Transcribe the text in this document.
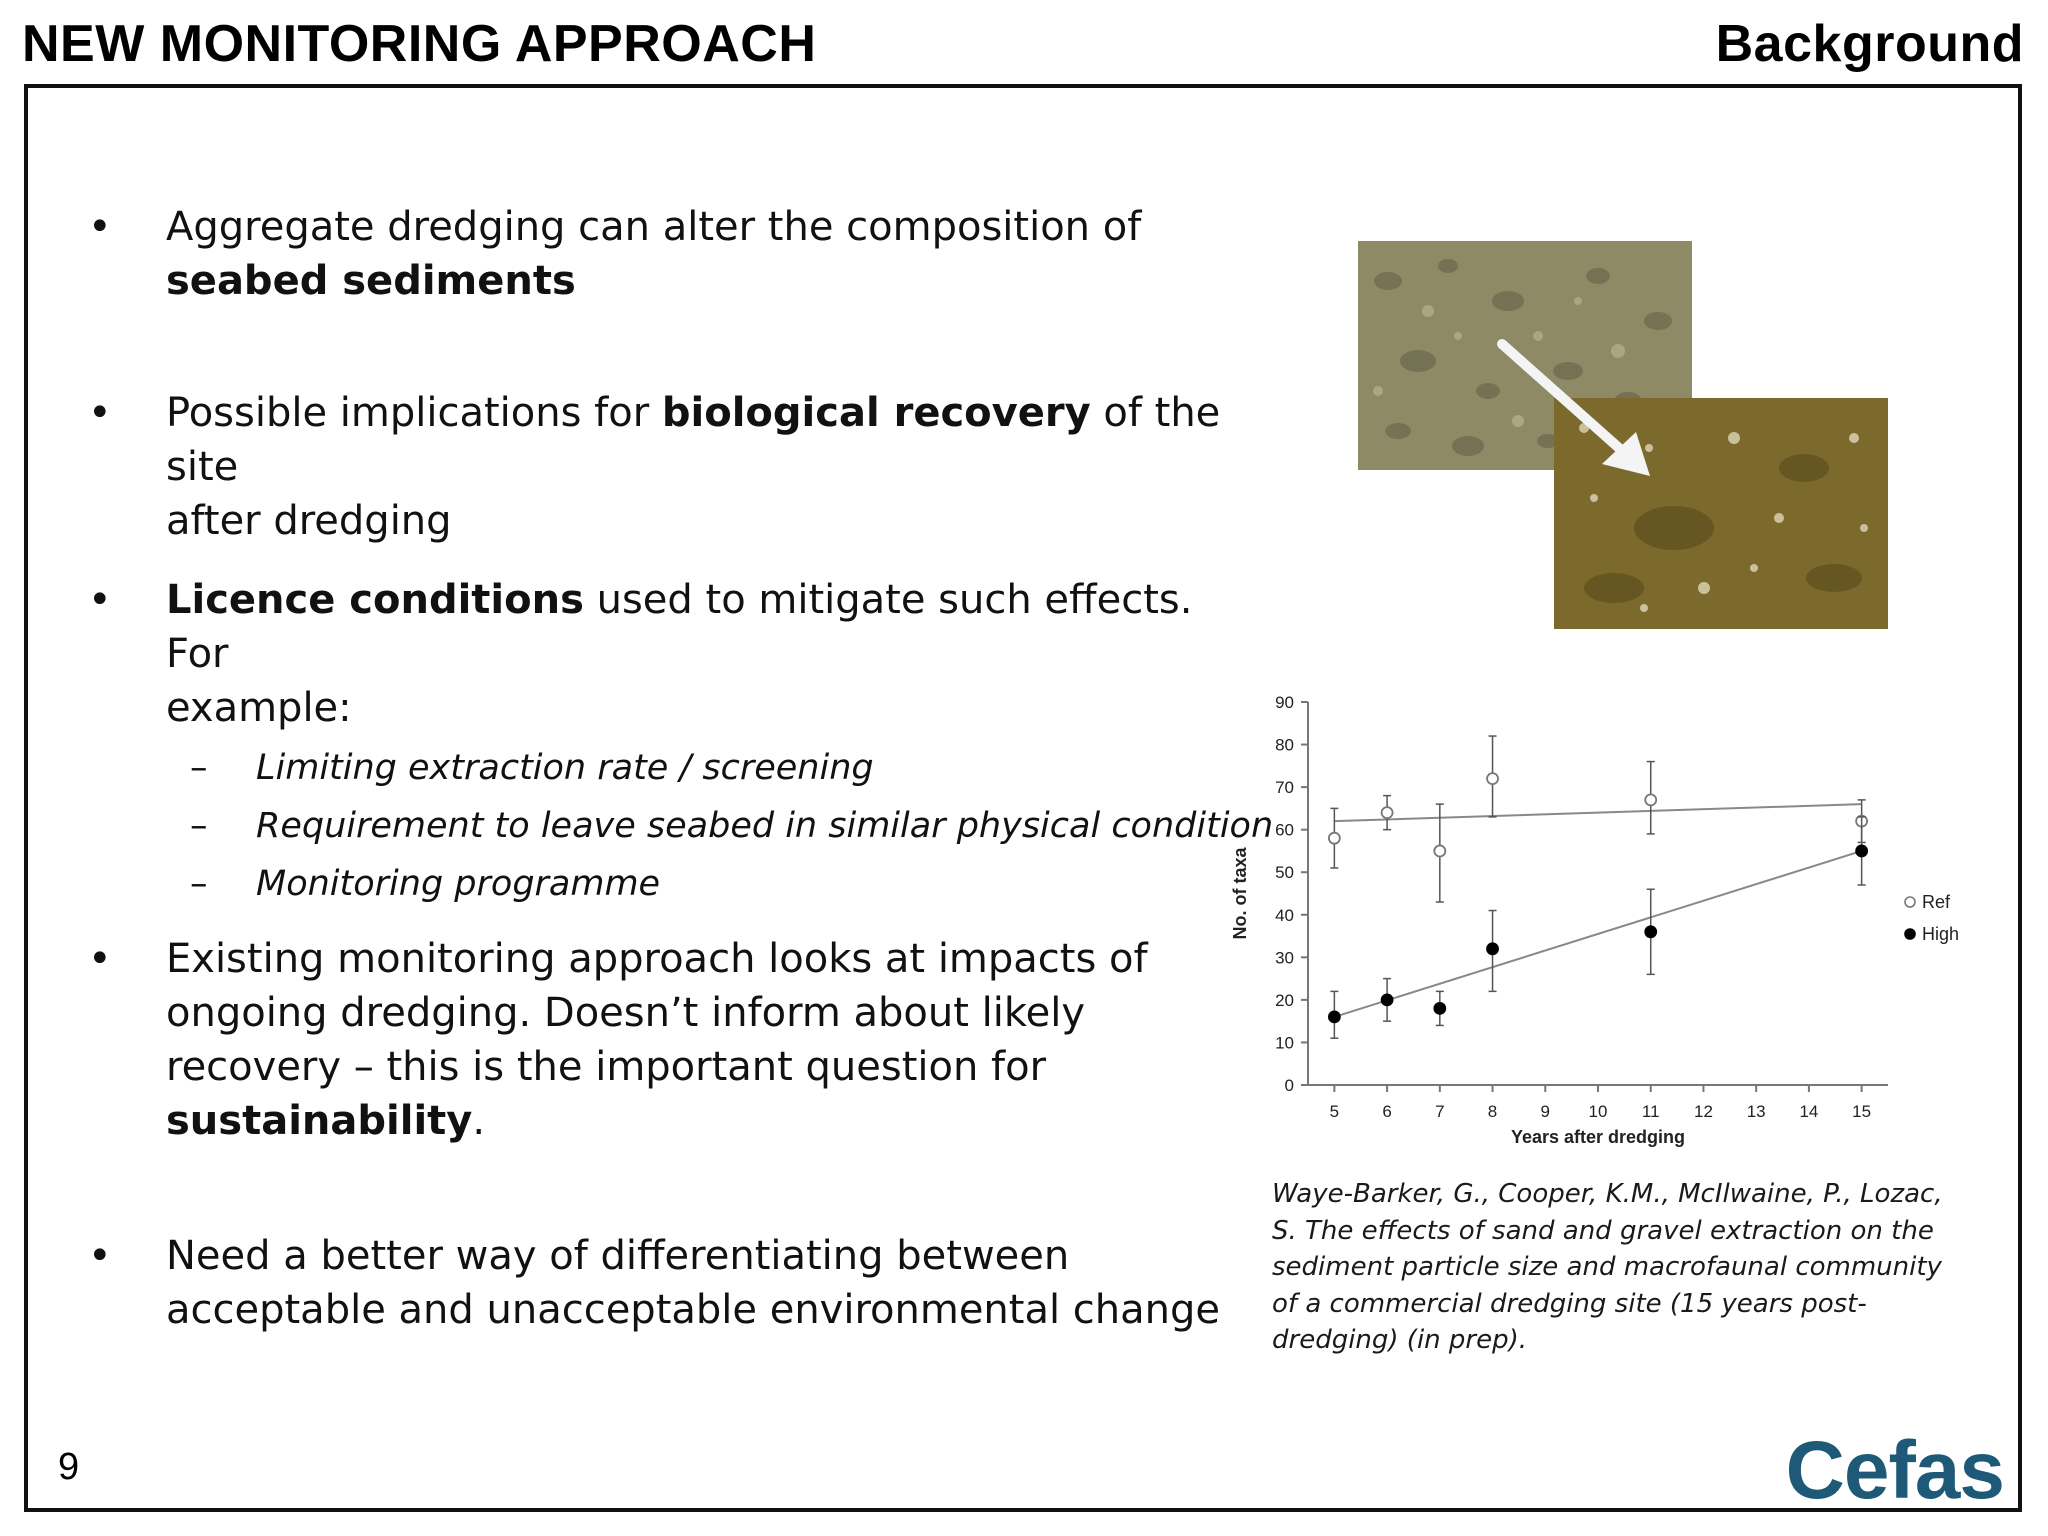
NEW MONITORING APPROACH	Background
• Aggregate dredging can alter the composition of
seabed sediments
• Possible implications for biological recovery of the site
after dredging
• Licence conditions used to mitigate such effects. For
example:
– Limiting extraction rate / screening
– Requirement to leave seabed in similar physical condition
– Monitoring programme
• Existing monitoring approach looks at impacts of
ongoing dredging. Doesn’t inform about likely
recovery – this is the important question for
sustainability.
• Need a better way of differentiating between
acceptable and unacceptable environmental change
0
10
20
30
40
50
60
70
80
90
5	6	7	8	9 10 11 12 13 14 15
Years after dredging
No. of taxa	Ref
High
Waye-Barker, G., Cooper, K.M., McIlwaine, P., Lozac, S. The effects of sand and gravel extraction on the sediment particle size and macrofaunal community of a commercial dredging site (15 years post-dredging) (in prep).
9	Cefas
